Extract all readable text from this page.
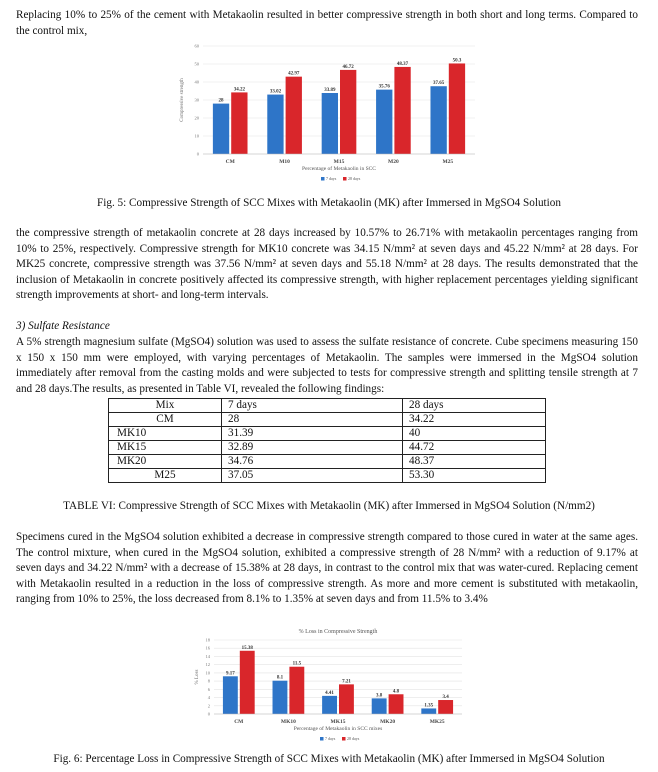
Replacing 10% to 25% of the cement with Metakaolin resulted in better compressive strength in both short and long terms. Compared to the control mix,

0
10
20
30
40
50
60
Compressive strength	28
34.22
CM
33.02
42.97
M10
33.89
46.72
M15
35.76
48.37
M20
37.65
50.3
M25
Percentage of Metakaolin in SCC
7 days	28 days

Fig. 5: Compressive Strength of SCC Mixes with Metakaolin (MK) after Immersed in MgSO4 Solution

the compressive strength of metakaolin concrete at 28 days increased by 10.57% to 26.71% with metakaolin percentages ranging from 10% to 25%, respectively. Compressive strength for MK10 concrete was 34.15 N/mm² at seven days and 45.22 N/mm² at 28 days. For MK25 concrete, compressive strength was 37.56 N/mm² at seven days and 55.18 N/mm² at 28 days. The results demonstrated that the inclusion of Metakaolin in concrete positively affected its compressive strength, with higher replacement percentages yielding significant strength improvements at short- and long-term intervals.

3) Sulfate Resistance

A 5% strength magnesium sulfate (MgSO4) solution was used to assess the sulfate resistance of concrete. Cube specimens measuring 150 x 150 x 150 mm were employed, with varying percentages of Metakaolin. The samples were immersed in the MgSO4 solution immediately after removal from the casting molds and were subjected to tests for compressive strength and splitting tensile strength at 7 and 28 days.The results, as presented in Table VI, revealed the following findings:

Mix	7 days	28 days
CM	28	34.22
MK10	31.39	40
MK15	32.89	44.72
MK20	34.76	48.37
M25	37.05	53.30

TABLE VI: Compressive Strength of SCC Mixes with Metakaolin (MK) after Immersed in MgSO4 Solution (N/mm2)

Specimens cured in the MgSO4 solution exhibited a decrease in compressive strength compared to those cured in water at the same ages. The control mixture, when cured in the MgSO4 solution, exhibited a compressive strength of 28 N/mm² with a reduction of 9.17% at seven days and 34.22 N/mm² with a decrease of 15.38% at 28 days, in contrast to the control mix that was water-cured. Replacing cement with Metakaolin resulted in a reduction in the loss of compressive strength. As more and more cement is substituted with metakaolin, ranging from 10% to 25%, the loss decreased from 8.1% to 1.35% at seven days and from 11.5% to 3.4%

% Loss in Compressive Strength
0
2
4
6
8
10
12
14
16
18
% Loss	9.17
15.38
CM
8.1
11.5
MK10
4.41
7.21
MK15
3.8
4.8
MK20
1.35
3.4
MK25
Percentage of Metakaolin in SCC mixes
7 days	28 days

Fig. 6: Percentage Loss in Compressive Strength of SCC Mixes with Metakaolin (MK) after Immersed in MgSO4 Solution
